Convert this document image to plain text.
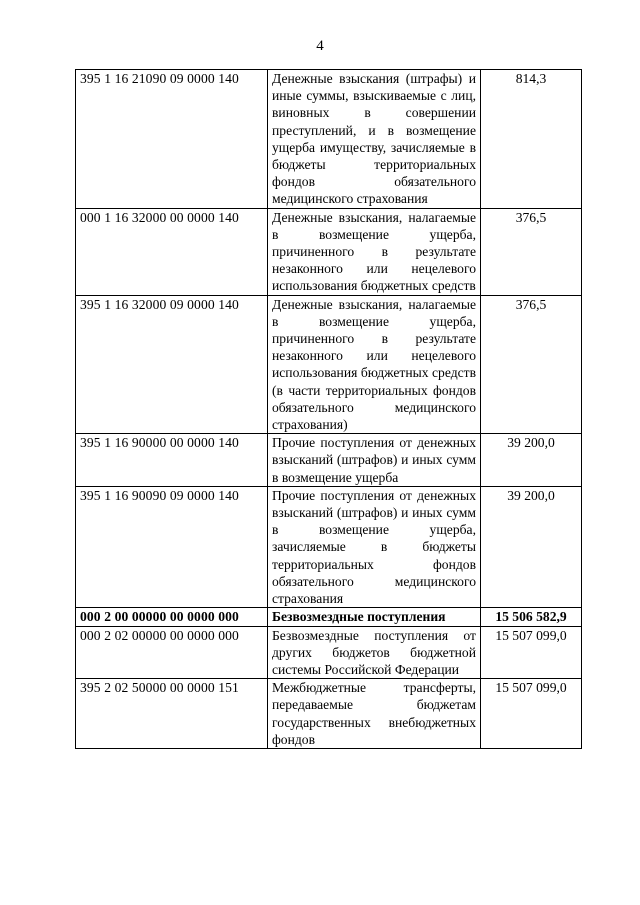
4
395 1 16 21090 09 0000 140	Денежные взыскания (штрафы) и иные суммы, взыскиваемые с лиц, виновных в совершении преступлений, и в возмещение ущерба имуществу, зачисляемые в бюджеты территориальных фондов обязательного медицинского страхования	814,3
000 1 16 32000 00 0000 140	Денежные взыскания, налагаемые в возмещение ущерба, причиненного в результате незаконного или нецелевого использования бюджетных средств	376,5
395 1 16 32000 09 0000 140	Денежные взыскания, налагаемые в возмещение ущерба, причиненного в результате незаконного или нецелевого использования бюджетных средств (в части территориальных фондов обязательного медицинского страхования)	376,5
395 1 16 90000 00 0000 140	Прочие поступления от денежных взысканий (штрафов) и иных сумм в возмещение ущерба	39 200,0
395 1 16 90090 09 0000 140	Прочие поступления от денежных взысканий (штрафов) и иных сумм в возмещение ущерба, зачисляемые в бюджеты территориальных фондов обязательного медицинского страхования	39 200,0
000 2 00 00000 00 0000 000	Безвозмездные поступления	15 506 582,9
000 2 02 00000 00 0000 000	Безвозмездные поступления от других бюджетов бюджетной системы Российской Федерации	15 507 099,0
395 2 02 50000 00 0000 151	Межбюджетные трансферты, передаваемые бюджетам государственных внебюджетных фондов	15 507 099,0
